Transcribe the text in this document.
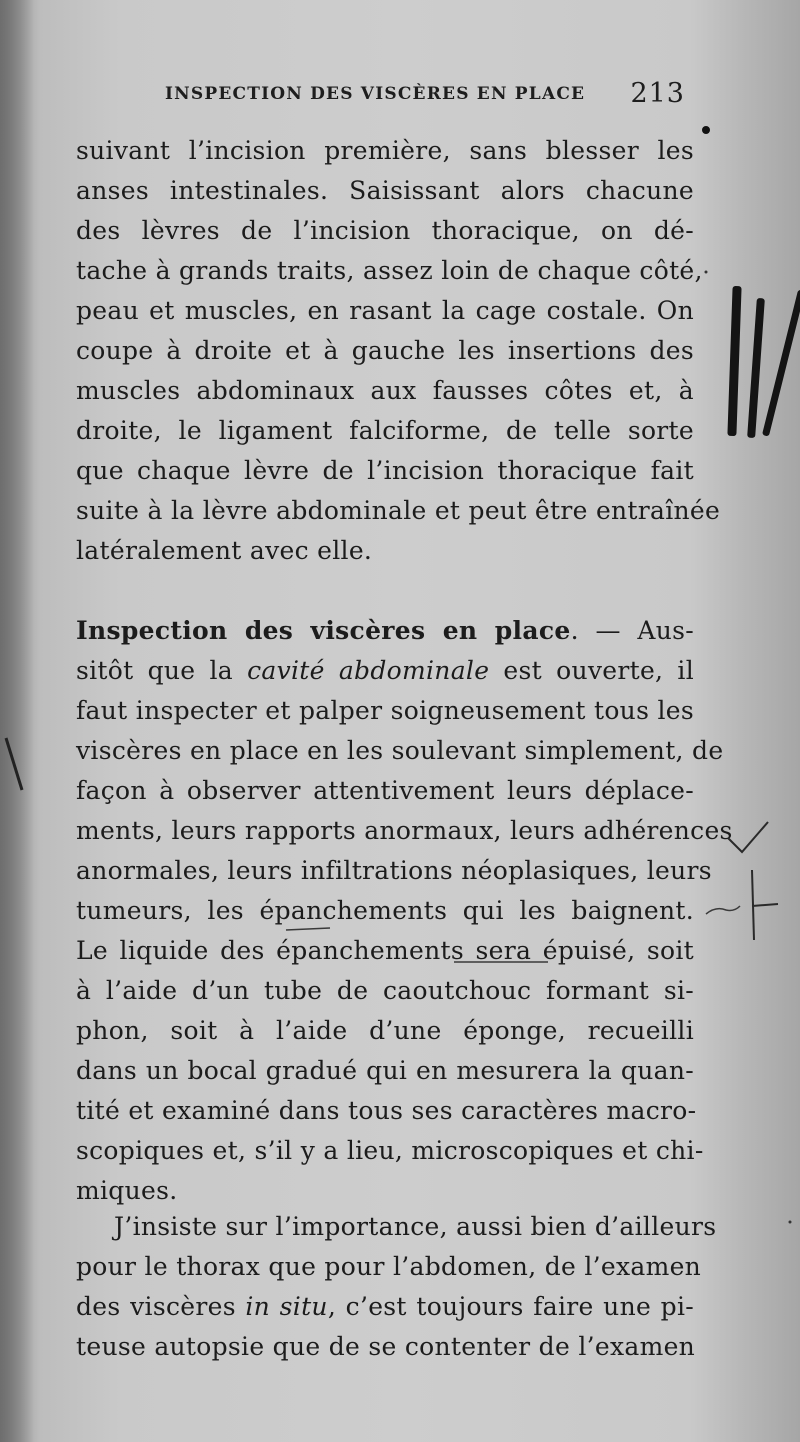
INSPECTION DES VISCÈRES EN PLACE 213
suivant l’incision première, sans blesser les
anses intestinales. Saisissant alors chacune
des lèvres de l’incision thoracique, on dé-
tache à grands traits, assez loin de chaque côté,
peau et muscles, en rasant la cage costale. On
coupe à droite et à gauche les insertions des
muscles abdominaux aux fausses côtes et, à
droite, le ligament falciforme, de telle sorte
que chaque lèvre de l’incision thoracique fait
suite à la lèvre abdominale et peut être entraînée
latéralement avec elle.
Inspection des viscères en place. — Aus-
sitôt que la cavité abdominale est ouverte, il
faut inspecter et palper soigneusement tous les
viscères en place en les soulevant simplement, de
façon à observer attentivement leurs déplace-
ments, leurs rapports anormaux, leurs adhérences
anormales, leurs infiltrations néoplasiques, leurs
tumeurs, les épanchements qui les baignent.
Le liquide des épanchements sera épuisé, soit
à l’aide d’un tube de caoutchouc formant si-
phon, soit à l’aide d’une éponge, recueilli
dans un bocal gradué qui en mesurera la quan-
tité et examiné dans tous ses caractères macro-
scopiques et, s’il y a lieu, microscopiques et chi-
miques.
J’insiste sur l’importance, aussi bien d’ailleurs
pour le thorax que pour l’abdomen, de l’examen
des viscères in situ, c’est toujours faire une pi-
teuse autopsie que de se contenter de l’examen
